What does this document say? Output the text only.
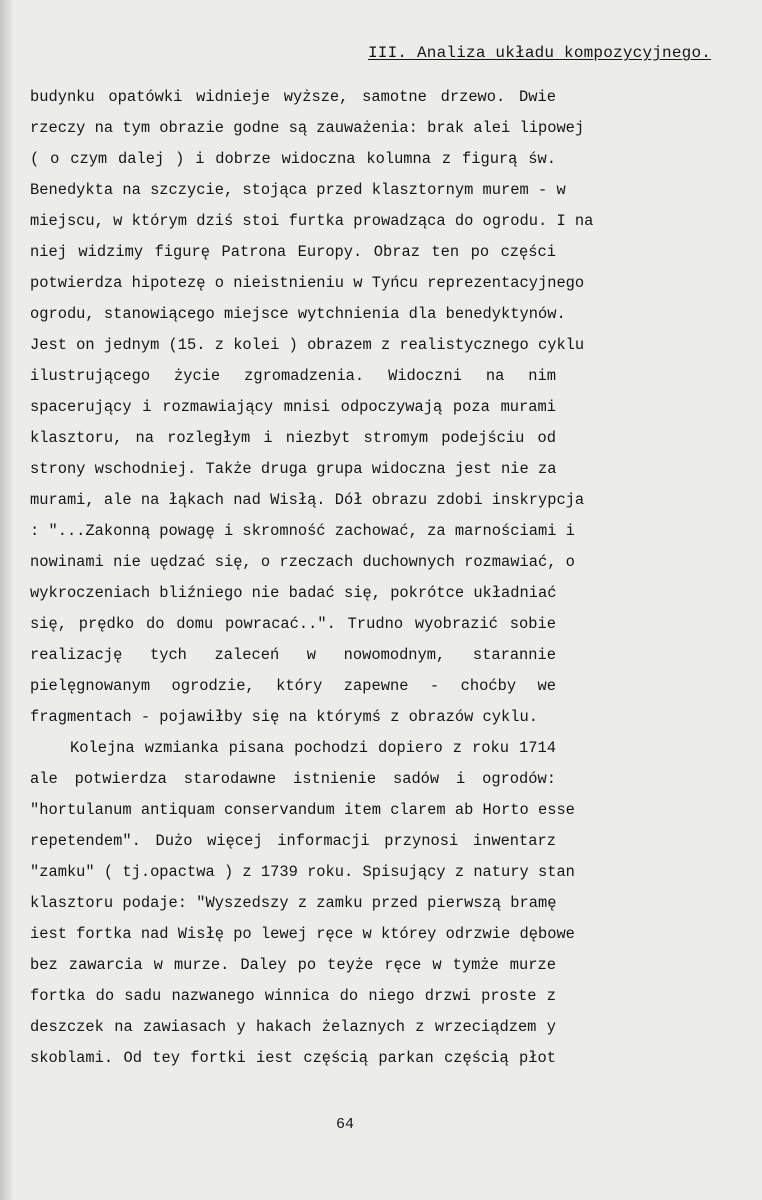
III. Analiza układu kompozycyjnego.
budynku opatówki widnieje wyższe, samotne drzewo. Dwie
rzeczy na tym obrazie godne są zauważenia: brak alei lipowej
( o czym dalej ) i dobrze widoczna kolumna z figurą św.
Benedykta na szczycie, stojąca przed klasztornym murem - w
miejscu, w którym dziś stoi furtka prowadząca do ogrodu. I na
niej widzimy figurę Patrona Europy. Obraz ten po części
potwierdza hipotezę o nieistnieniu w Tyńcu reprezentacyjnego
ogrodu, stanowiącego miejsce wytchnienia dla benedyktynów.
Jest on jednym (15. z kolei ) obrazem z realistycznego cyklu
ilustrującego życie zgromadzenia. Widoczni na nim
spacerujący i rozmawiający mnisi odpoczywają poza murami
klasztoru, na rozległym i niezbyt stromym podejściu od
strony wschodniej. Także druga grupa widoczna jest nie za
murami, ale na łąkach nad Wisłą. Dół obrazu zdobi inskrypcja
: "...Zakonną powagę i skromność zachować, za marnościami i
nowinami nie uędzać się, o rzeczach duchownych rozmawiać, o
wykroczeniach bliźniego nie badać się, pokrótce układniać
się, prędko do domu powracać..". Trudno wyobrazić sobie
realizację tych zaleceń w nowomodnym, starannie
pielęgnowanym ogrodzie, który zapewne - choćby we
fragmentach - pojawiłby się na którymś z obrazów cyklu.
Kolejna wzmianka pisana pochodzi dopiero z roku 1714
ale potwierdza starodawne istnienie sadów i ogrodów:
"hortulanum antiquam conservandum item clarem ab Horto esse
repetendem". Dużo więcej informacji przynosi inwentarz
"zamku" ( tj.opactwa ) z 1739 roku. Spisujący z natury stan
klasztoru podaje: "Wyszedszy z zamku przed pierwszą bramę
iest fortka nad Wisłę po lewej ręce w którey odrzwie dębowe
bez zawarcia w murze. Daley po teyże ręce w tymże murze
fortka do sadu nazwanego winnica do niego drzwi proste z
deszczek na zawiasach y hakach żelaznych z wrzeciądzem y
skoblami. Od tey fortki iest częścią parkan częścią płot
64
